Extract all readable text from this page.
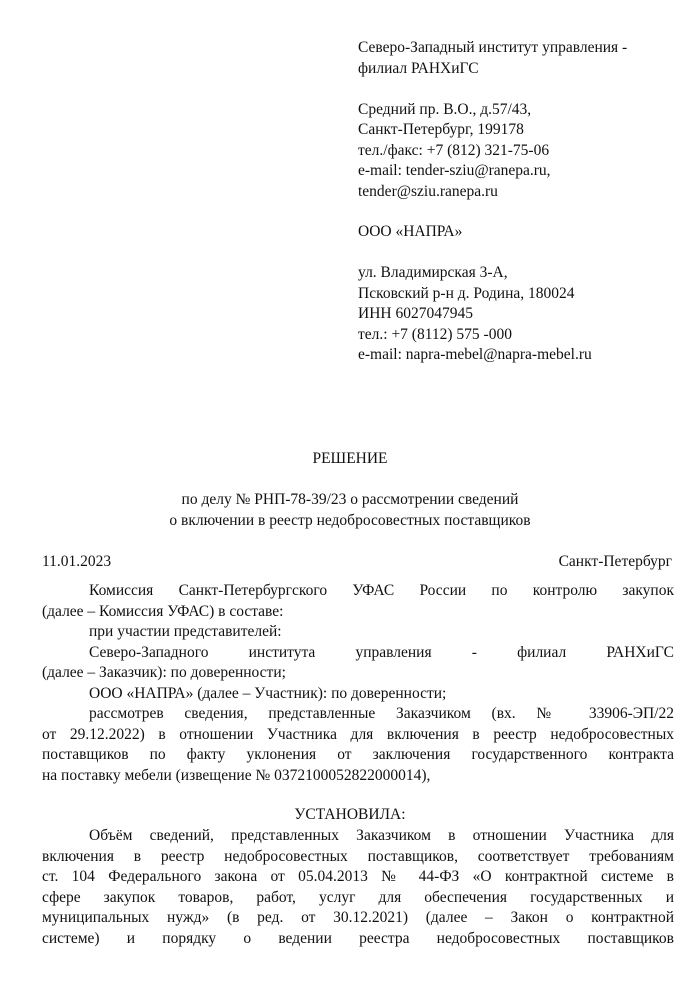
Северо-Западный институт управления -
филиал РАНХиГС
Средний пр. В.О., д.57/43,
Санкт-Петербург, 199178
тел./факс: +7 (812) 321-75-06
e-mail: tender-sziu@ranepa.ru,
tender@sziu.ranepa.ru
ООО «НАПРА»
ул. Владимирская 3-А,
Псковский р-н д. Родина, 180024
ИНН 6027047945
тел.: +7 (8112) 575 -000
e-mail: napra-mebel@napra-mebel.ru
РЕШЕНИЕ
по делу № РНП-78-39/23 о рассмотрении сведений
о включении в реестр недобросовестных поставщиков
11.01.2023	Санкт-Петербург
Комиссия Санкт-Петербургского УФАС России по контролю закупок
(далее – Комиссия УФАС) в составе:
при участии представителей:
Северо-Западного института управления - филиал РАНХиГС
(далее – Заказчик): по доверенности;
ООО «НАПРА» (далее – Участник): по доверенности;
рассмотрев сведения, представленные Заказчиком (вх. № 33906-ЭП/22
от 29.12.2022) в отношении Участника для включения в реестр недобросовестных
поставщиков по факту уклонения от заключения государственного контракта
на поставку мебели (извещение № 0372100052822000014),
УСТАНОВИЛА:
Объём сведений, представленных Заказчиком в отношении Участника для
включения в реестр недобросовестных поставщиков, соответствует требованиям
ст. 104 Федерального закона от 05.04.2013 № 44-ФЗ «О контрактной системе в
сфере закупок товаров, работ, услуг для обеспечения государственных и
муниципальных нужд» (в ред. от 30.12.2021) (далее – Закон о контрактной
системе) и порядку о ведении реестра недобросовестных поставщиков
